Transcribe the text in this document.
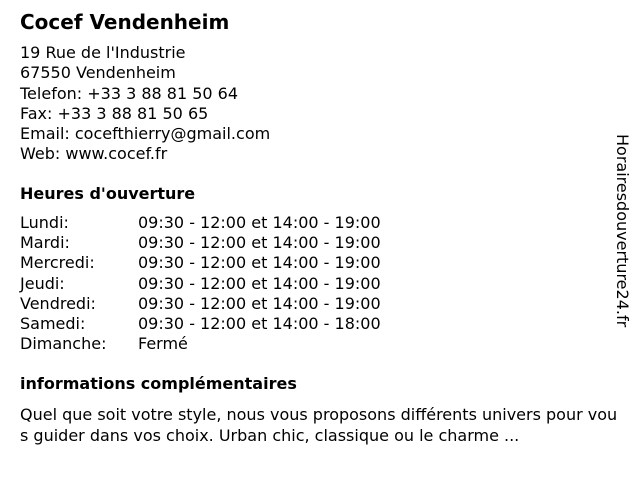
Cocef Vendenheim
19 Rue de l'Industrie
67550 Vendenheim
Telefon: +33 3 88 81 50 64
Fax: +33 3 88 81 50 65
Email: cocefthierry@gmail.com
Web: www.cocef.fr
Heures d'ouverture
Lundi:	09:30 - 12:00 et 14:00 - 19:00
Mardi:	09:30 - 12:00 et 14:00 - 19:00
Mercredi:	09:30 - 12:00 et 14:00 - 19:00
Jeudi:	09:30 - 12:00 et 14:00 - 19:00
Vendredi:	09:30 - 12:00 et 14:00 - 19:00
Samedi:	09:30 - 12:00 et 14:00 - 18:00
Dimanche:	Fermé
informations complémentaires

Quel que soit votre style, nous vous proposons différents univers pour vous guider dans vos choix. Urban chic, classique ou le charme ...

Horairesdouverture24.fr
